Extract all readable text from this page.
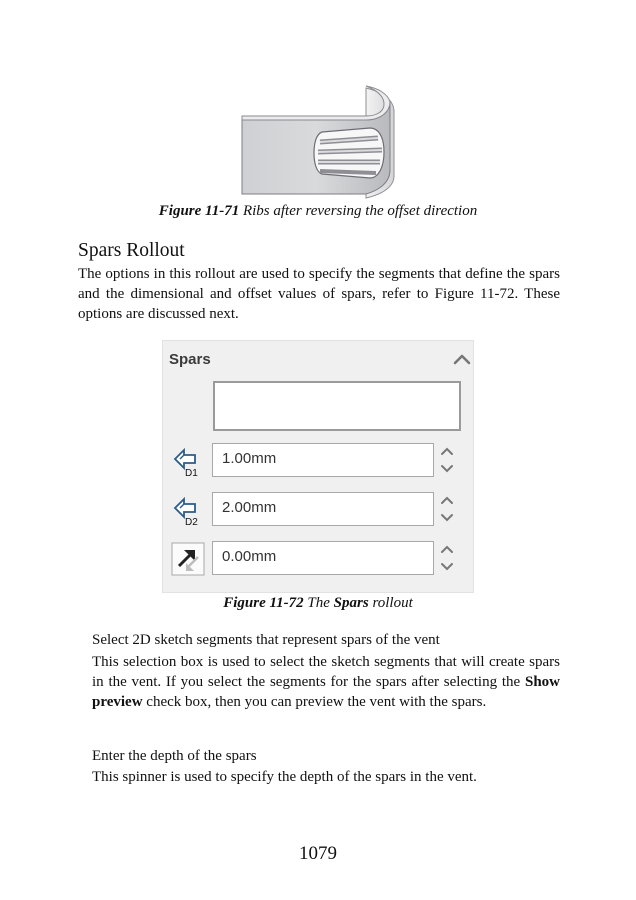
Figure 11-71 Ribs after reversing the offset direction
Spars Rollout
The options in this rollout are used to specify the segments that define the spars and the dimensional and offset values of spars, refer to Figure 11-72. These options are discussed next.
Spars
D1
1.00mm
D2
2.00mm
0.00mm
Figure 11-72 The Spars rollout
Select 2D sketch segments that represent spars of the vent
This selection box is used to select the sketch segments that will create spars in the vent. If you select the segments for the spars after selecting the Show preview check box, then you can preview the vent with the spars.
Enter the depth of the spars
This spinner is used to specify the depth of the spars in the vent.
1079
